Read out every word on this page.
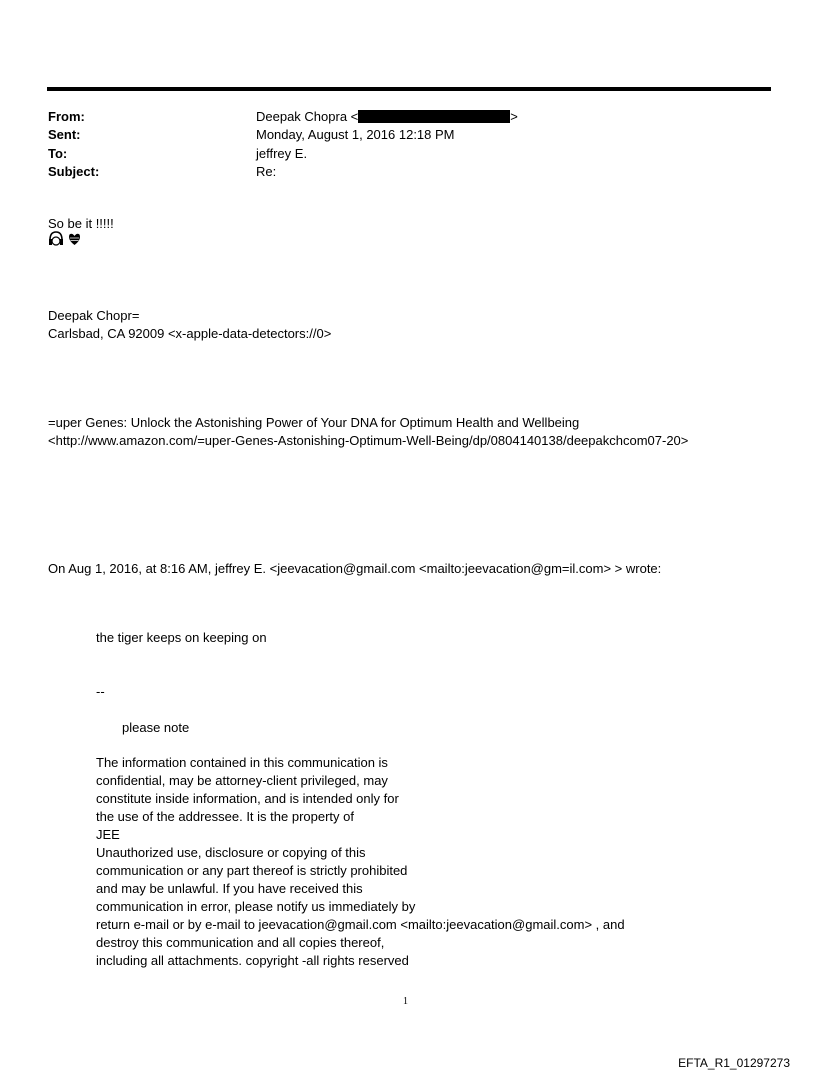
From:	Deepak Chopra <	>
Sent:	Monday, August 1, 2016 12:18 PM
To:	jeffrey E.
Subject:	Re:
So be it !!!!!
Deepak Chopr=
Carlsbad, CA 92009 <x-apple-data-detectors://0>
=uper Genes: Unlock the Astonishing Power of Your DNA for Optimum Health and Wellbeing
<http://www.amazon.com/=uper-Genes-Astonishing-Optimum-Well-Being/dp/0804140138/deepakchcom07-20>
On Aug 1, 2016, at 8:16 AM, jeffrey E. <jeevacation@gmail.com <mailto:jeevacation@gm=il.com> > wrote:
the tiger keeps on keeping on
--
please note
The information contained in this communication is
confidential, may be attorney-client privileged, may
constitute inside information, and is intended only for
the use of the addressee. It is the property of
JEE
Unauthorized use, disclosure or copying of this
communication or any part thereof is strictly prohibited
and may be unlawful. If you have received this
communication in error, please notify us immediately by
return e-mail or by e-mail to jeevacation@gmail.com <mailto:jeevacation@gmail.com> , and
destroy this communication and all copies thereof,
including all attachments. copyright -all rights reserved
1
EFTA_R1_01297273
